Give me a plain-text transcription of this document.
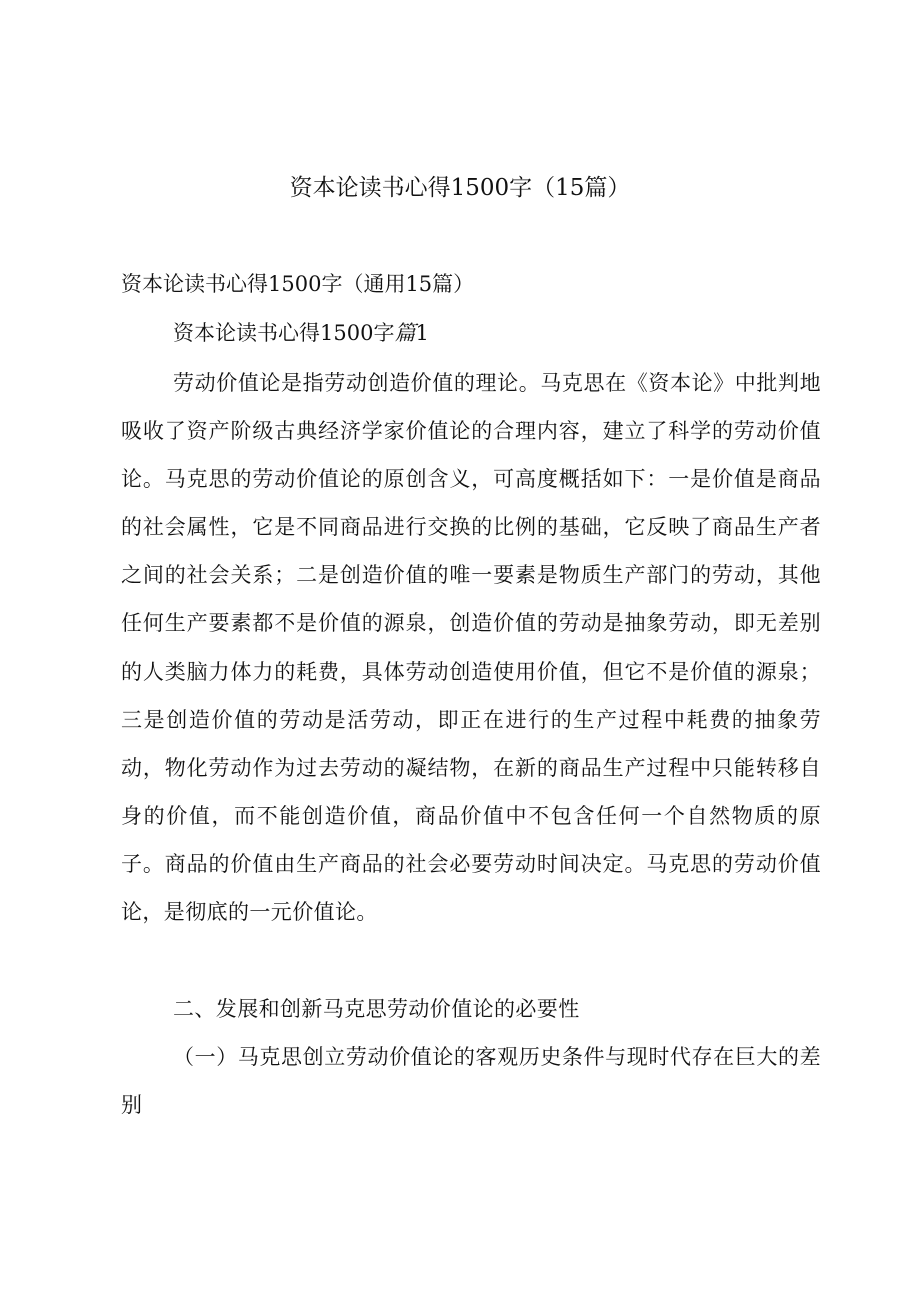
资本论读书心得1500字（15篇）
资本论读书心得1500字（通用15篇）
资本论读书心得1500字篇1

劳动价值论是指劳动创造价值的理论。马克思在《资本论》中批判地吸收了资产阶级古典经济学家价值论的合理内容，建立了科学的劳动价值论。马克思的劳动价值论的原创含义，可高度概括如下：一是价值是商品的社会属性，它是不同商品进行交换的比例的基础，它反映了商品生产者之间的社会关系；二是创造价值的唯一要素是物质生产部门的劳动，其他任何生产要素都不是价值的源泉，创造价值的劳动是抽象劳动，即无差别的人类脑力体力的耗费，具体劳动创造使用价值，但它不是价值的源泉；三是创造价值的劳动是活劳动，即正在进行的生产过程中耗费的抽象劳动，物化劳动作为过去劳动的凝结物，在新的商品生产过程中只能转移自身的价值，而不能创造价值，商品价值中不包含任何一个自然物质的原子。商品的价值由生产商品的社会必要劳动时间决定。马克思的劳动价值论，是彻底的一元价值论。

二、发展和创新马克思劳动价值论的必要性

（一）马克思创立劳动价值论的客观历史条件与现时代存在巨大的差别
